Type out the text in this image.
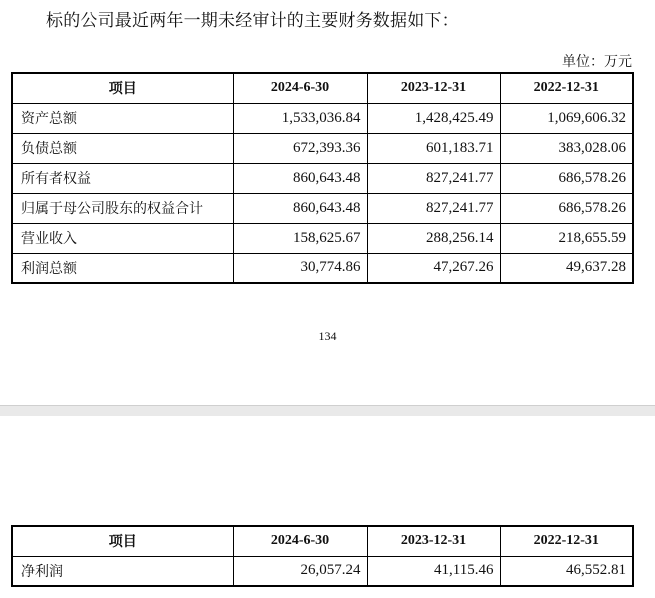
标的公司最近两年一期未经审计的主要财务数据如下：
单位：万元
项目	2024-6-30	2023-12-31	2022-12-31
资产总额	1,533,036.84	1,428,425.49	1,069,606.32
负债总额	672,393.36	601,183.71	383,028.06
所有者权益	860,643.48	827,241.77	686,578.26
归属于母公司股东的权益合计	860,643.48	827,241.77	686,578.26
营业收入	158,625.67	288,256.14	218,655.59
利润总额	30,774.86	47,267.26	49,637.28
134
项目	2024-6-30	2023-12-31	2022-12-31
净利润	26,057.24	41,115.46	46,552.81
